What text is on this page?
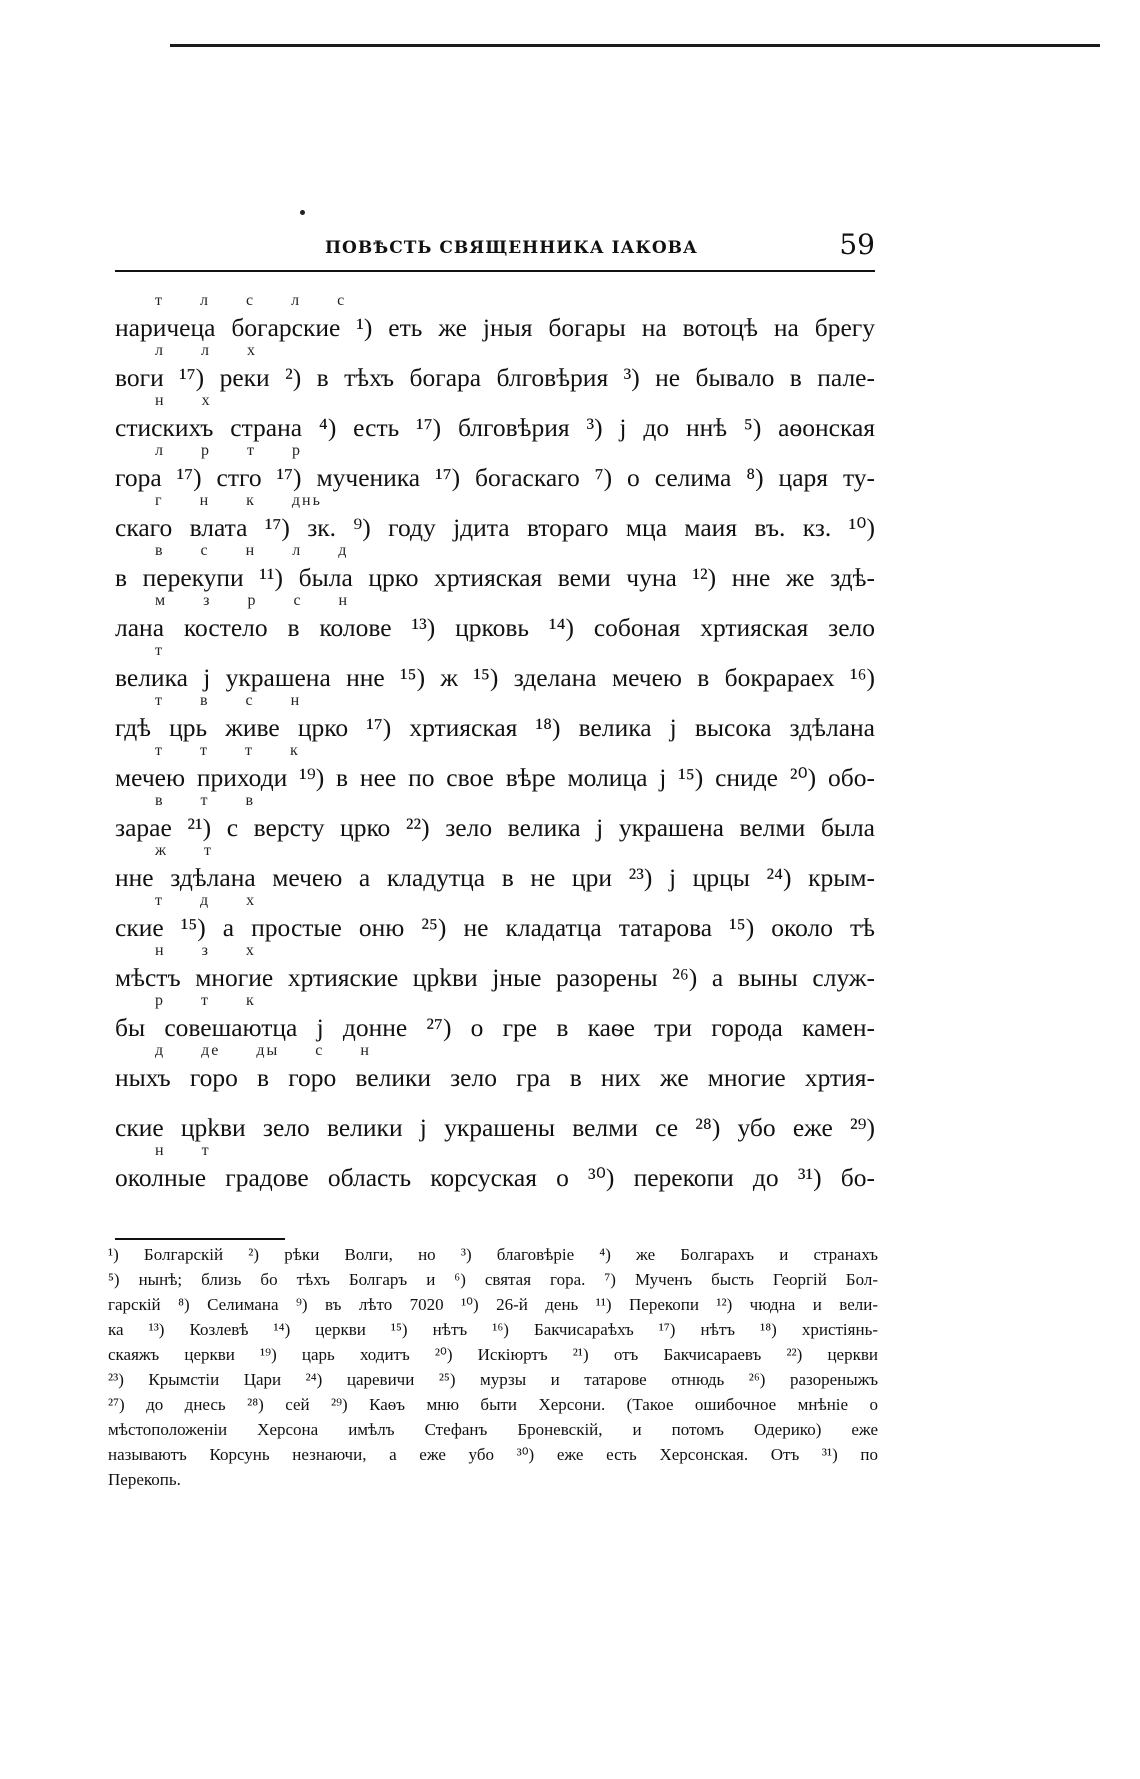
ПОВѢСТЬ СВЯЩЕННИКА ІАКОВА	59
т л с л с
наричеца богарские ¹) еть же јныя богары на вотоцѣ на брегу
л л х
воги ¹⁷) реки ²) в тѣхъ богара блговѣрия ³) не бывало в пале-
н х
стискихъ страна ⁴) есть ¹⁷) блговѣрия ³) ј до ннѣ ⁵) аѳонская
л р т р
гора ¹⁷) стго ¹⁷) мученика ¹⁷) богаскаго ⁷) о селима ⁸) царя ту-
г н к днь
скаго влата ¹⁷) зк. ⁹) году јдита втораго мца маия въ. кз. ¹⁰)
в с н л д
в перекупи ¹¹) была црко хртияская веми чуна ¹²) нне же здѣ-
м з р с н
лана костело в колове ¹³) црковь ¹⁴) собоная хртияская зело
т
велика ј украшена нне ¹⁵) ж ¹⁵) зделана мечею в бокрараех ¹⁶)
т в с н
гдѣ црь живе црко ¹⁷) хртияская ¹⁸) велика ј высока здѣлана
т т т к
мечею приходи ¹⁹) в нее по свое вѣре молица ј ¹⁵) сниде ²⁰) обо-
в т в
зарае ²¹) с версту црко ²²) зело велика ј украшена велми была
ж т
нне здѣлана мечею а кладутца в не цри ²³) ј црцы ²⁴) крым-
т д х
ские ¹⁵) а простые оню ²⁵) не кладатца татарова ¹⁵) около тѣ
н з х
мѣстъ многие хртияские црkви јные разорены ²⁶) а выны служ-
р т к
бы совешаютца ј донне ²⁷) о гре в каѳе три города камен-
д де ды с н
ныхъ горо в горо велики зело гра в них же многие хртия-
ские црkви зело велики ј украшены велми се ²⁸) убо еже ²⁹)
н т
околные градове область корсуская о ³⁰) перекопи до ³¹) бо-
¹) Болгарскій ²) рѣки Волги, но ³) благовѣріе ⁴) же Болгарахъ и странахъ
⁵) нынѣ; близь бо тѣхъ Болгаръ и ⁶) святая гора. ⁷) Мученъ бысть Георгій Бол-
гарскій ⁸) Селимана ⁹) въ лѣто 7020 ¹⁰) 26-й день ¹¹) Перекопи ¹²) чюдна и вели-
ка ¹³) Козлевѣ ¹⁴) церкви ¹⁵) нѣтъ ¹⁶) Бакчисараѣхъ ¹⁷) нѣтъ ¹⁸) христіянь-
скаяжъ церкви ¹⁹) царь ходитъ ²⁰) Искіюртъ ²¹) отъ Бакчисараевъ ²²) церкви
²³) Крымстіи Цари ²⁴) царевичи ²⁵) мурзы и татарове отнюдь ²⁶) разореныжъ
²⁷) до днесь ²⁸) сей ²⁹) Каѳъ мню быти Херсони. (Такое ошибочное мнѣніе о
мѣстоположеніи Херсона имѣлъ Стефанъ Броневскій, и потомъ Одерико) еже
называютъ Корсунь незнаючи, а еже убо ³⁰) еже есть Херсонская. Отъ ³¹) по
Перекопь.
